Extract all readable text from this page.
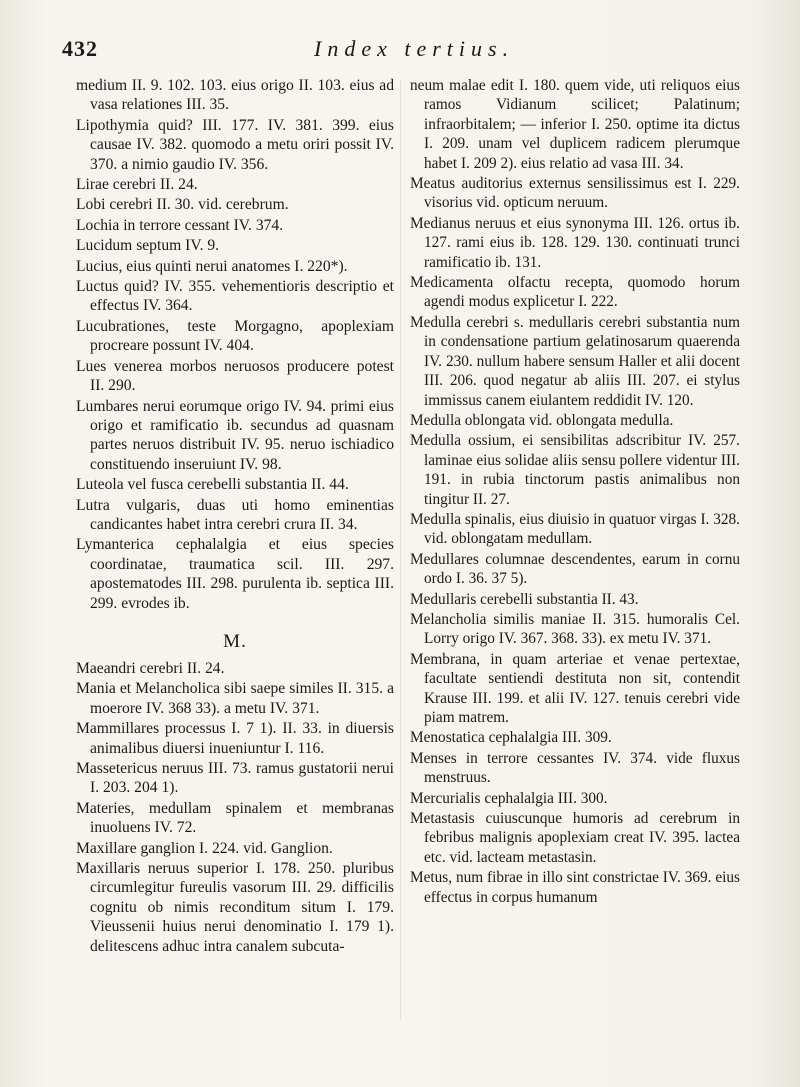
432	Index tertius.

medium II. 9. 102. 103. eius origo II. 103. eius ad vasa relationes III. 35.

Lipothymia quid? III. 177. IV. 381. 399. eius causae IV. 382. quomodo a metu oriri possit IV. 370. a nimio gaudio IV. 356.

Lirae cerebri II. 24.

Lobi cerebri II. 30. vid. cerebrum.

Lochia in terrore cessant IV. 374.

Lucidum septum IV. 9.

Lucius, eius quinti nerui anatomes I. 220*).

Luctus quid? IV. 355. vehementioris descriptio et effectus IV. 364.

Lucubrationes, teste Morgagno, apoplexiam procreare possunt IV. 404.

Lues venerea morbos neruosos producere potest II. 290.

Lumbares nerui eorumque origo IV. 94. primi eius origo et ramificatio ib. secundus ad quasnam partes neruos distribuit IV. 95. neruo ischiadico constituendo inseruiunt IV. 98.

Luteola vel fusca cerebelli substantia II. 44.

Lutra vulgaris, duas uti homo eminentias candicantes habet intra cerebri crura II. 34.

Lymanterica cephalalgia et eius species coordinatae, traumatica scil. III. 297. apostematodes III. 298. purulenta ib. septica III. 299. evrodes ib.

M.

Maeandri cerebri II. 24.

Mania et Melancholica sibi saepe similes II. 315. a moerore IV. 368 33). a metu IV. 371.

Mammillares processus I. 7 1). II. 33. in diuersis animalibus diuersi inueniuntur I. 116.

Massetericus neruus III. 73. ramus gustatorii nerui I. 203. 204 1).

Materies, medullam spinalem et membranas inuoluens IV. 72.

Maxillare ganglion I. 224. vid. Ganglion.

Maxillaris neruus superior I. 178. 250. pluribus circumlegitur fureulis vasorum III. 29. difficilis cognitu ob nimis reconditum situm I. 179. Vieussenii huius nerui denominatio I. 179 1). delitescens adhuc intra canalem subcuta-

neum malae edit I. 180. quem vide, uti reliquos eius ramos Vidianum scilicet; Palatinum; infraorbitalem; — inferior I. 250. optime ita dictus I. 209. unam vel duplicem radicem plerumque habet I. 209 2). eius relatio ad vasa III. 34.

Meatus auditorius externus sensilissimus est I. 229. visorius vid. opticum neruum.

Medianus neruus et eius synonyma III. 126. ortus ib. 127. rami eius ib. 128. 129. 130. continuati trunci ramificatio ib. 131.

Medicamenta olfactu recepta, quomodo horum agendi modus explicetur I. 222.

Medulla cerebri s. medullaris cerebri substantia num in condensatione partium gelatinosarum quaerenda IV. 230. nullum habere sensum Haller et alii docent III. 206. quod negatur ab aliis III. 207. ei stylus immissus canem eiulantem reddidit IV. 120.

Medulla oblongata vid. oblongata medulla.

Medulla ossium, ei sensibilitas adscribitur IV. 257. laminae eius solidae aliis sensu pollere videntur III. 191. in rubia tinctorum pastis animalibus non tingitur II. 27.

Medulla spinalis, eius diuisio in quatuor virgas I. 328. vid. oblongatam medullam.

Medullares columnae descendentes, earum in cornu ordo I. 36. 37 5).

Medullaris cerebelli substantia II. 43.

Melancholia similis maniae II. 315. humoralis Cel. Lorry origo IV. 367. 368. 33). ex metu IV. 371.

Membrana, in quam arteriae et venae pertextae, facultate sentiendi destituta non sit, contendit Krause III. 199. et alii IV. 127. tenuis cerebri vide piam matrem.

Menostatica cephalalgia III. 309.

Menses in terrore cessantes IV. 374. vide fluxus menstruus.

Mercurialis cephalalgia III. 300.

Metastasis cuiuscunque humoris ad cerebrum in febribus malignis apoplexiam creat IV. 395. lactea etc. vid. lacteam metastasin.

Metus, num fibrae in illo sint constrictae IV. 369. eius effectus in corpus humanum
